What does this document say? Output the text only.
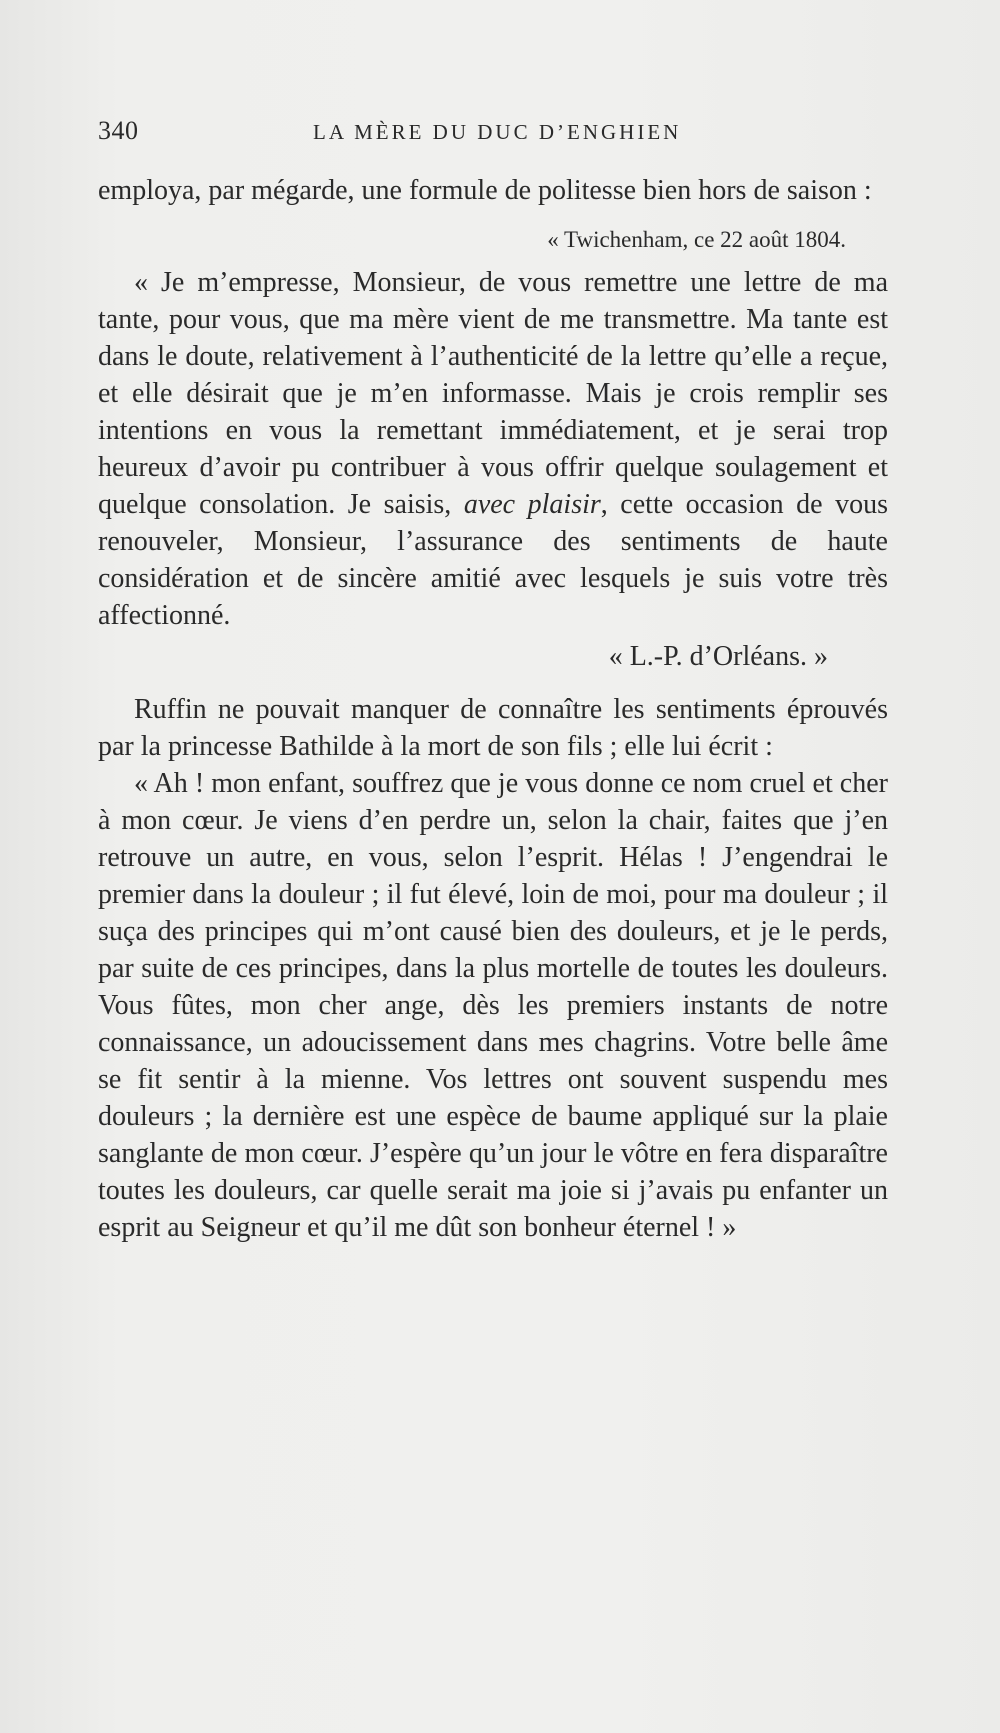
340	LA MÈRE DU DUC D’ENGHIEN

employa, par mégarde, une formule de politesse bien hors de saison :

« Twichenham, ce 22 août 1804.

« Je m’empresse, Monsieur, de vous remettre une lettre de ma tante, pour vous, que ma mère vient de me transmettre. Ma tante est dans le doute, relativement à l’authenticité de la lettre qu’elle a reçue, et elle désirait que je m’en informasse. Mais je crois remplir ses intentions en vous la remettant immédiatement, et je serai trop heureux d’avoir pu contribuer à vous offrir quelque soulagement et quelque consolation. Je saisis, avec plaisir, cette occasion de vous renouveler, Monsieur, l’assurance des sentiments de haute considération et de sincère amitié avec lesquels je suis votre très affectionné.

« L.-P. d’Orléans. »

Ruffin ne pouvait manquer de connaître les sentiments éprouvés par la princesse Bathilde à la mort de son fils ; elle lui écrit :

« Ah ! mon enfant, souffrez que je vous donne ce nom cruel et cher à mon cœur. Je viens d’en perdre un, selon la chair, faites que j’en retrouve un autre, en vous, selon l’esprit. Hélas ! J’engendrai le premier dans la douleur ; il fut élevé, loin de moi, pour ma douleur ; il suça des principes qui m’ont causé bien des douleurs, et je le perds, par suite de ces principes, dans la plus mortelle de toutes les douleurs. Vous fûtes, mon cher ange, dès les premiers instants de notre connaissance, un adoucissement dans mes chagrins. Votre belle âme se fit sentir à la mienne. Vos lettres ont souvent suspendu mes douleurs ; la dernière est une espèce de baume appliqué sur la plaie sanglante de mon cœur. J’espère qu’un jour le vôtre en fera disparaître toutes les douleurs, car quelle serait ma joie si j’avais pu enfanter un esprit au Seigneur et qu’il me dût son bonheur éternel ! »
